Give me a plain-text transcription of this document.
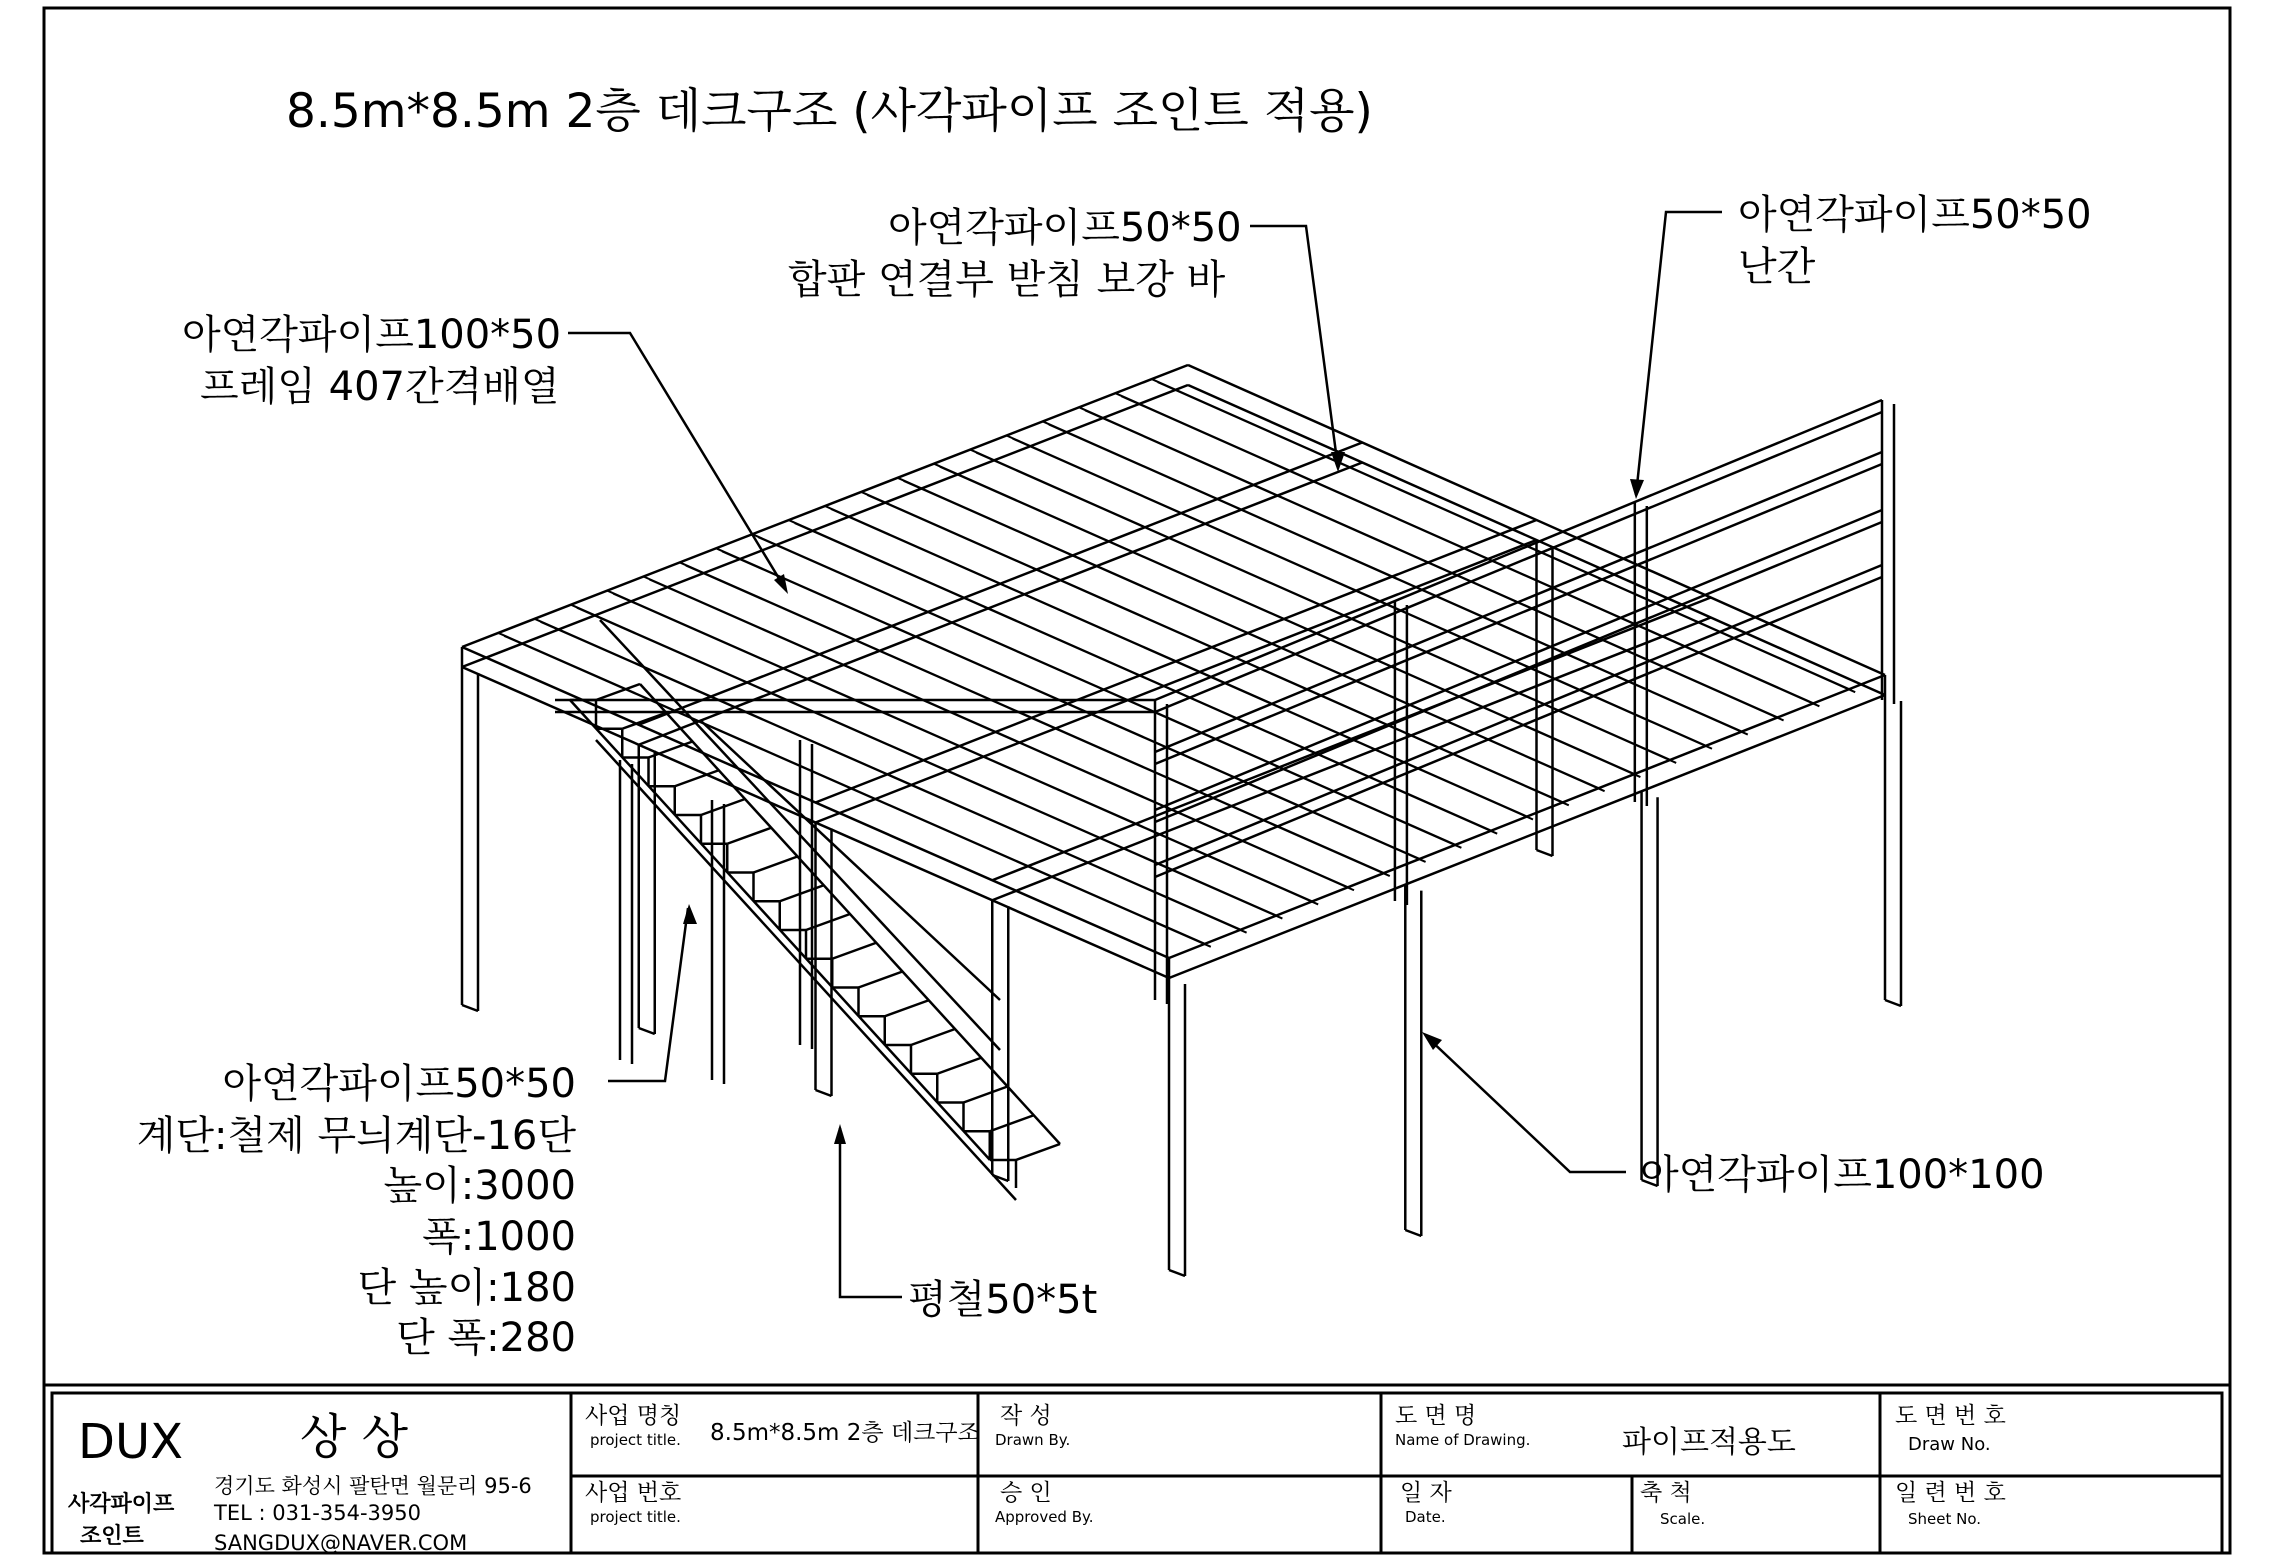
8.5m*8.5m 2층 데크구조 (사각파이프 조인트 적용)
아연각파이프50*50
합판 연결부 받침 보강 바
아연각파이프50*50
난간
아연각파이프100*50
프레임 407간격배열
아연각파이프50*50
계단:철제 무늬계단-16단
높이:3000
폭:1000
단 높이:180
단 폭:280
아연각파이프100*100
평철50*5t
DUX 상 상
사각파이프
조인트
경기도 화성시 팔탄면 월문리 95-6
TEL : 031-354-3950
SANGDUX@NAVER.COM
사업 명칭
project title. 8.5m*8.5m 2층 데크구조
사업 번호
project title.
작 성
Drawn By.
승 인
Approved By.
도 면 명
Name of Drawing.	파이프적용도
일 자
Date.
축 척
Scale.
도 면 번 호
Draw No.
일 련 번 호
Sheet No.
